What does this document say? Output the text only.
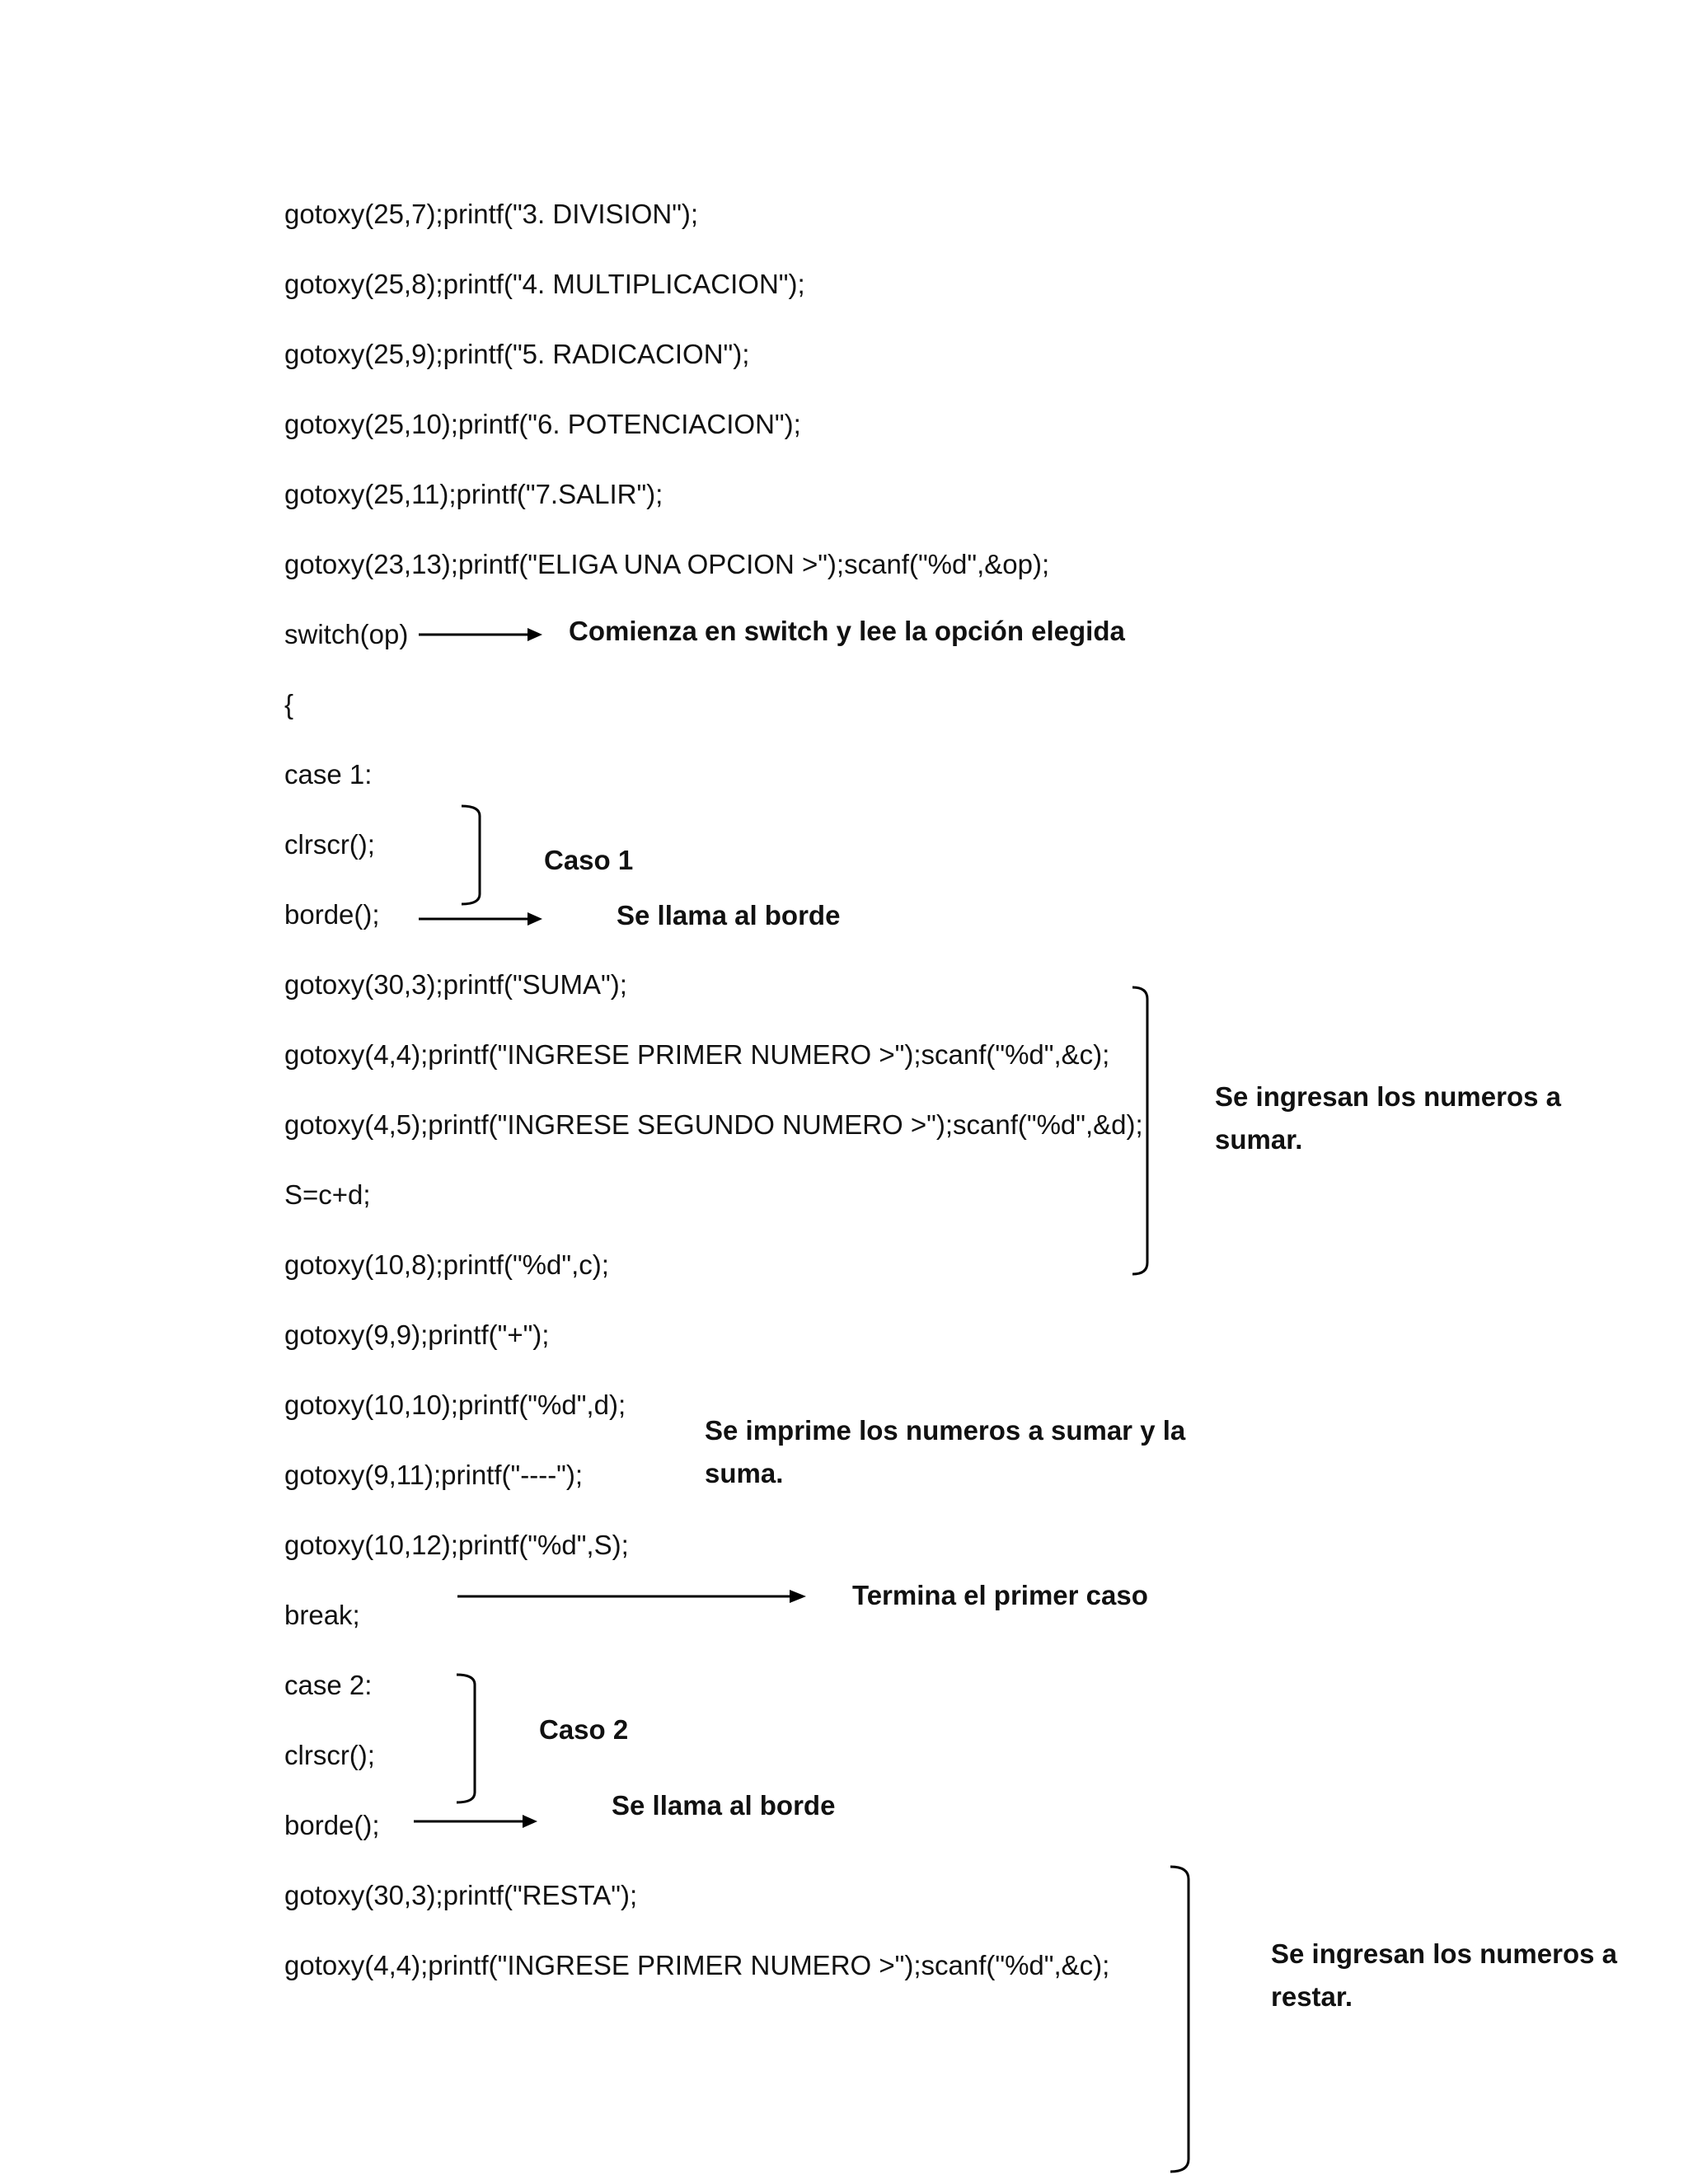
gotoxy(25,7);printf("3. DIVISION");
gotoxy(25,8);printf("4. MULTIPLICACION");
gotoxy(25,9);printf("5. RADICACION");
gotoxy(25,10);printf("6. POTENCIACION");
gotoxy(25,11);printf("7.SALIR");
gotoxy(23,13);printf("ELIGA UNA OPCION >");scanf("%d",&op);
switch(op)
{
case 1:
clrscr();
borde();
gotoxy(30,3);printf("SUMA");
gotoxy(4,4);printf("INGRESE PRIMER NUMERO >");scanf("%d",&c);
gotoxy(4,5);printf("INGRESE SEGUNDO NUMERO >");scanf("%d",&d);
S=c+d;
gotoxy(10,8);printf("%d",c);
gotoxy(9,9);printf("+");
gotoxy(10,10);printf("%d",d);
gotoxy(9,11);printf("----");
gotoxy(10,12);printf("%d",S);
break;
case 2:
clrscr();
borde();
gotoxy(30,3);printf("RESTA");
gotoxy(4,4);printf("INGRESE PRIMER NUMERO >");scanf("%d",&c);
Comienza en switch y lee la opción elegida
Caso 1
Se llama al borde
Se ingresan los numeros a sumar.
Se imprime los numeros a sumar y la suma.
Termina el primer caso
Caso 2
Se llama al borde
Se ingresan los numeros a restar.
